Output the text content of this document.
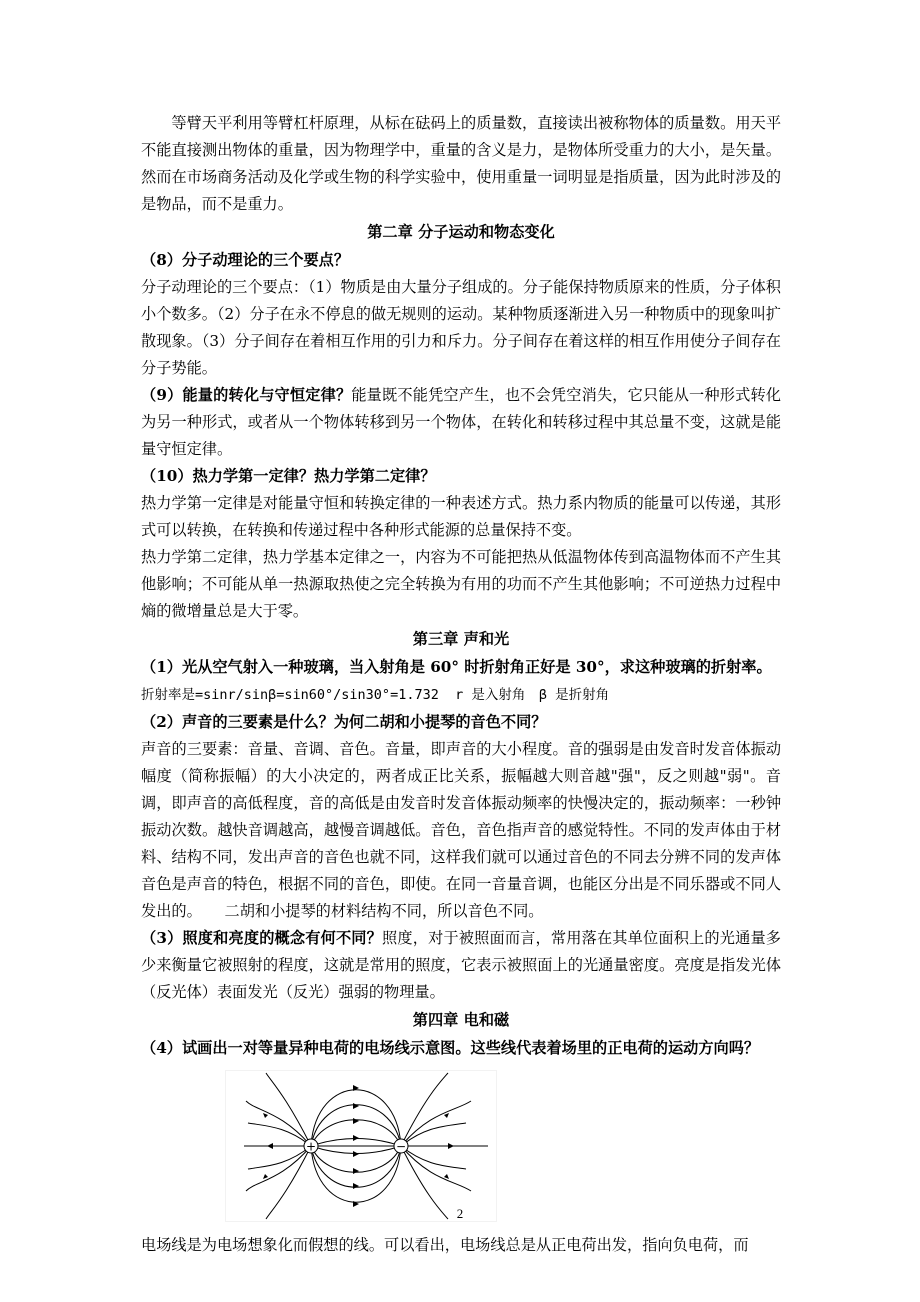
等臂天平利用等臂杠杆原理，从标在砝码上的质量数，直接读出被称物体的质量数。用天平不能直接测出物体的重量，因为物理学中，重量的含义是力，是物体所受重力的大小，是矢量。然而在市场商务活动及化学或生物的科学实验中，使用重量一词明显是指质量，因为此时涉及的是物品，而不是重力。

第二章 分子运动和物态变化

（8）分子动理论的三个要点？

分子动理论的三个要点：（1）物质是由大量分子组成的。分子能保持物质原来的性质，分子体积小个数多。（2）分子在永不停息的做无规则的运动。某种物质逐渐进入另一种物质中的现象叫扩散现象。（3）分子间存在着相互作用的引力和斥力。分子间存在着这样的相互作用使分子间存在分子势能。

（9）能量的转化与守恒定律？能量既不能凭空产生，也不会凭空消失，它只能从一种形式转化为另一种形式，或者从一个物体转移到另一个物体，在转化和转移过程中其总量不变，这就是能量守恒定律。

（10）热力学第一定律？热力学第二定律？

热力学第一定律是对能量守恒和转换定律的一种表述方式。热力系内物质的能量可以传递，其形式可以转换，在转换和传递过程中各种形式能源的总量保持不变。

热力学第二定律，热力学基本定律之一，内容为不可能把热从低温物体传到高温物体而不产生其他影响；不可能从单一热源取热使之完全转换为有用的功而不产生其他影响；不可逆热力过程中熵的微增量总是大于零。

第三章 声和光

（1）光从空气射入一种玻璃，当入射角是 60° 时折射角正好是 30°，求这种玻璃的折射率。

折射率是=sinr/sinβ=sin60°/sin30°=1.732 r 是入射角　β 是折射角

（2）声音的三要素是什么？为何二胡和小提琴的音色不同？

声音的三要素：音量、音调、音色。音量，即声音的大小程度。音的强弱是由发音时发音体振动幅度（简称振幅）的大小决定的，两者成正比关系，振幅越大则音越"强"，反之则越"弱"。音调，即声音的高低程度，音的高低是由发音时发音体振动频率的快慢决定的，振动频率：一秒钟振动次数。越快音调越高，越慢音调越低。音色，音色指声音的感觉特性。不同的发声体由于材料、结构不同，发出声音的音色也就不同，这样我们就可以通过音色的不同去分辨不同的发声体音色是声音的特色，根据不同的音色，即使。在同一音量音调，也能区分出是不同乐器或不同人发出的。　　二胡和小提琴的材料结构不同，所以音色不同。

（3）照度和亮度的概念有何不同？照度，对于被照面而言，常用落在其单位面积上的光通量多少来衡量它被照射的程度，这就是常用的照度，它表示被照面上的光通量密度。亮度是指发光体（反光体）表面发光（反光）强弱的物理量。

第四章 电和磁

（4）试画出一对等量异种电荷的电场线示意图。这些线代表着场里的正电荷的运动方向吗？

+	−

电场线是为电场想象化而假想的线。可以看出，电场线总是从正电荷出发，指向负电荷，而

2
